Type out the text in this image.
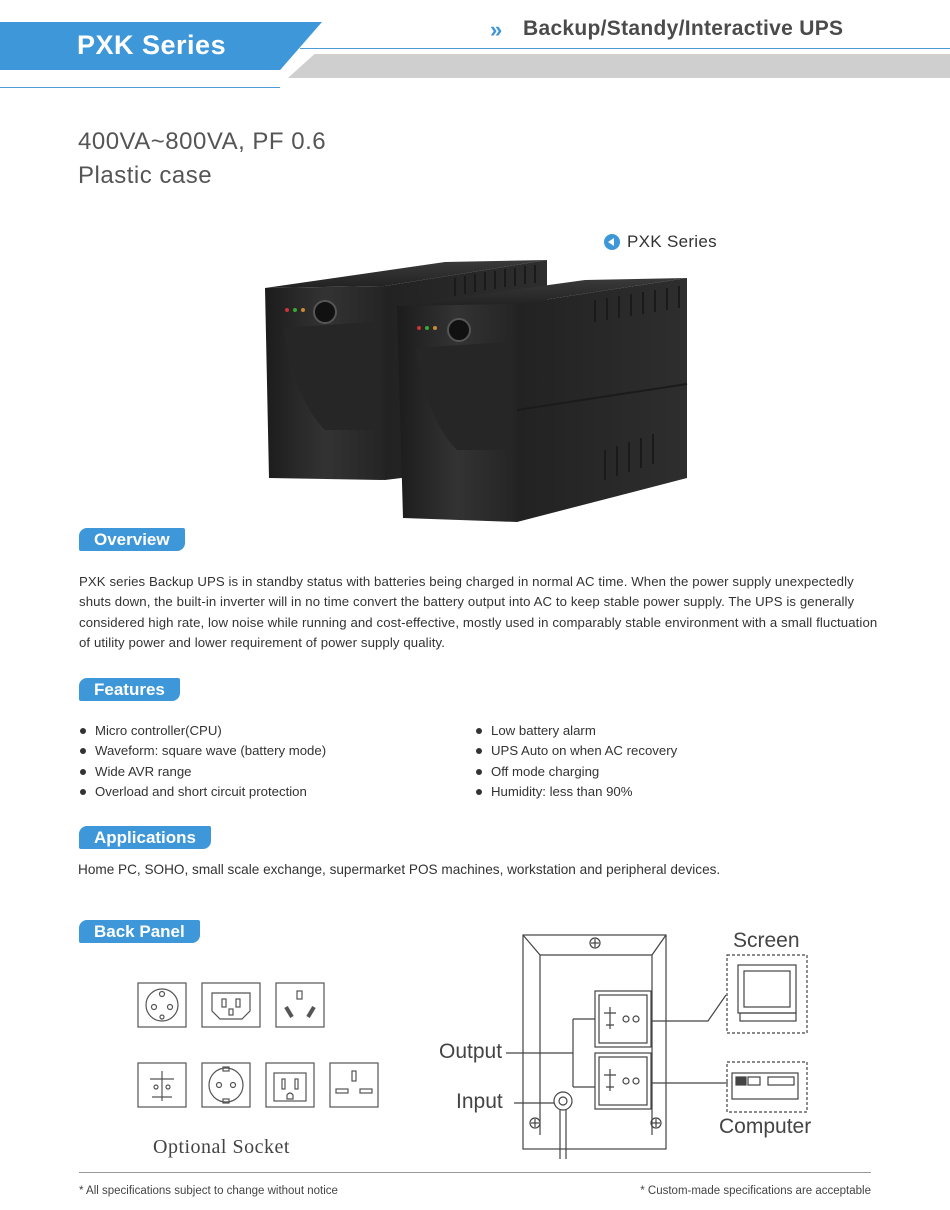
PXK Series
» Backup/Standy/Interactive UPS
400VA~800VA, PF 0.6
Plastic case
PXK Series
Overview

PXK series Backup UPS is in standby status with batteries being charged in normal AC time. When the power supply unexpectedly shuts down, the built-in inverter will in no time convert the battery output into AC to keep stable power supply. The UPS is generally considered high rate, low noise while running and cost-effective, mostly used in comparably stable environment with a small fluctuation of utility power and lower requirement of power supply quality.

Features
Micro controller(CPU)
Waveform: square wave (battery mode)
Wide AVR range
Overload and short circuit protection
Low battery alarm
UPS Auto on when AC recovery
Off mode charging
Humidity: less than 90%
Applications
Home PC, SOHO, small scale exchange, supermarket POS machines, workstation and peripheral devices.
Back Panel
Optional Socket
Output
Input
Screen
Computer
* All specifications subject to change without notice	* Custom-made specifications are acceptable
